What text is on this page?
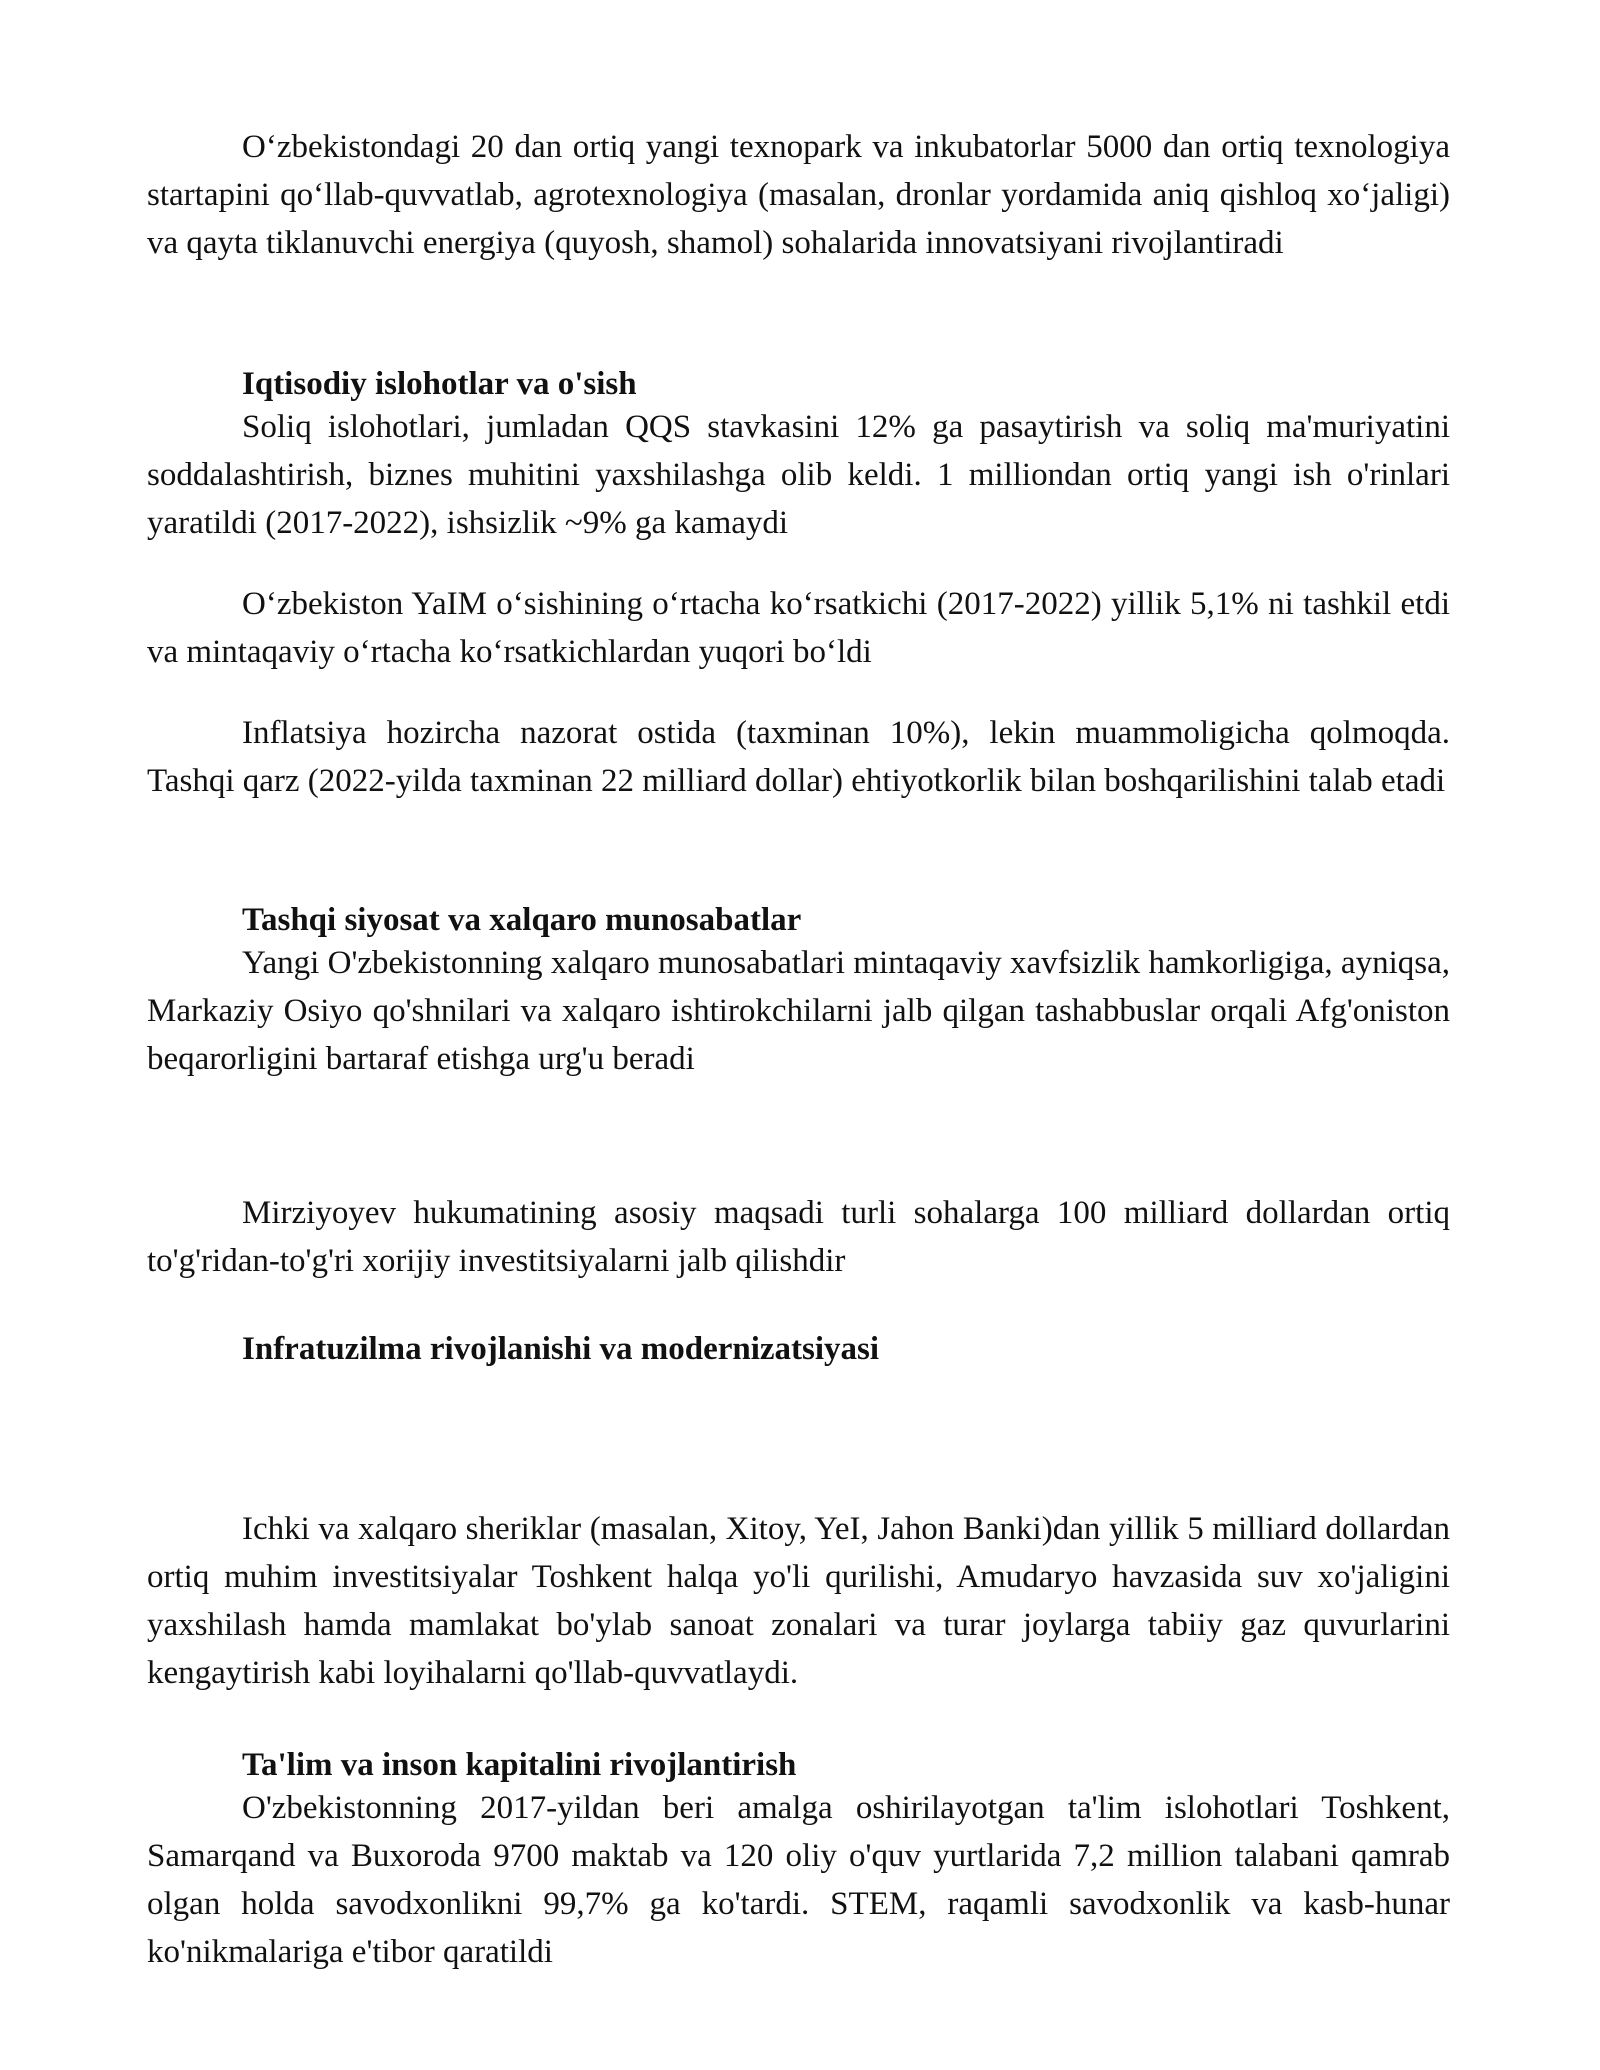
O‘zbekistondagi 20 dan ortiq yangi texnopark va inkubatorlar 5000 dan ortiq texnologiya startapini qo‘llab-quvvatlab, agrotexnologiya (masalan, dronlar yordamida aniq qishloq xo‘jaligi) va qayta tiklanuvchi energiya (quyosh, shamol) sohalarida innovatsiyani rivojlantiradi

Iqtisodiy islohotlar va o'sish

Soliq islohotlari, jumladan QQS stavkasini 12% ga pasaytirish va soliq ma'muriyatini soddalashtirish, biznes muhitini yaxshilashga olib keldi. 1 milliondan ortiq yangi ish o'rinlari yaratildi (2017-2022), ishsizlik ~9% ga kamaydi

O‘zbekiston YaIM o‘sishining o‘rtacha ko‘rsatkichi (2017-2022) yillik 5,1% ni tashkil etdi va mintaqaviy o‘rtacha ko‘rsatkichlardan yuqori bo‘ldi

Inflatsiya hozircha nazorat ostida (taxminan 10%), lekin muammoligicha qolmoqda. Tashqi qarz (2022-yilda taxminan 22 milliard dollar) ehtiyotkorlik bilan boshqarilishini talab etadi

Tashqi siyosat va xalqaro munosabatlar

Yangi O'zbekistonning xalqaro munosabatlari mintaqaviy xavfsizlik hamkorligiga, ayniqsa, Markaziy Osiyo qo'shnilari va xalqaro ishtirokchilarni jalb qilgan tashabbuslar orqali Afg'oniston beqarorligini bartaraf etishga urg'u beradi

Mirziyoyev hukumatining asosiy maqsadi turli sohalarga 100 milliard dollardan ortiq to'g'ridan-to'g'ri xorijiy investitsiyalarni jalb qilishdir

Infratuzilma rivojlanishi va modernizatsiyasi

Ichki va xalqaro sheriklar (masalan, Xitoy, YeI, Jahon Banki)dan yillik 5 milliard dollardan ortiq muhim investitsiyalar Toshkent halqa yo'li qurilishi, Amudaryo havzasida suv xo'jaligini yaxshilash hamda mamlakat bo'ylab sanoat zonalari va turar joylarga tabiiy gaz quvurlarini kengaytirish kabi loyihalarni qo'llab-quvvatlaydi.

Ta'lim va inson kapitalini rivojlantirish

O'zbekistonning 2017-yildan beri amalga oshirilayotgan ta'lim islohotlari Toshkent, Samarqand va Buxoroda 9700 maktab va 120 oliy o'quv yurtlarida 7,2 million talabani qamrab olgan holda savodxonlikni 99,7% ga ko'tardi. STEM, raqamli savodxonlik va kasb-hunar ko'nikmalariga e'tibor qaratildi
